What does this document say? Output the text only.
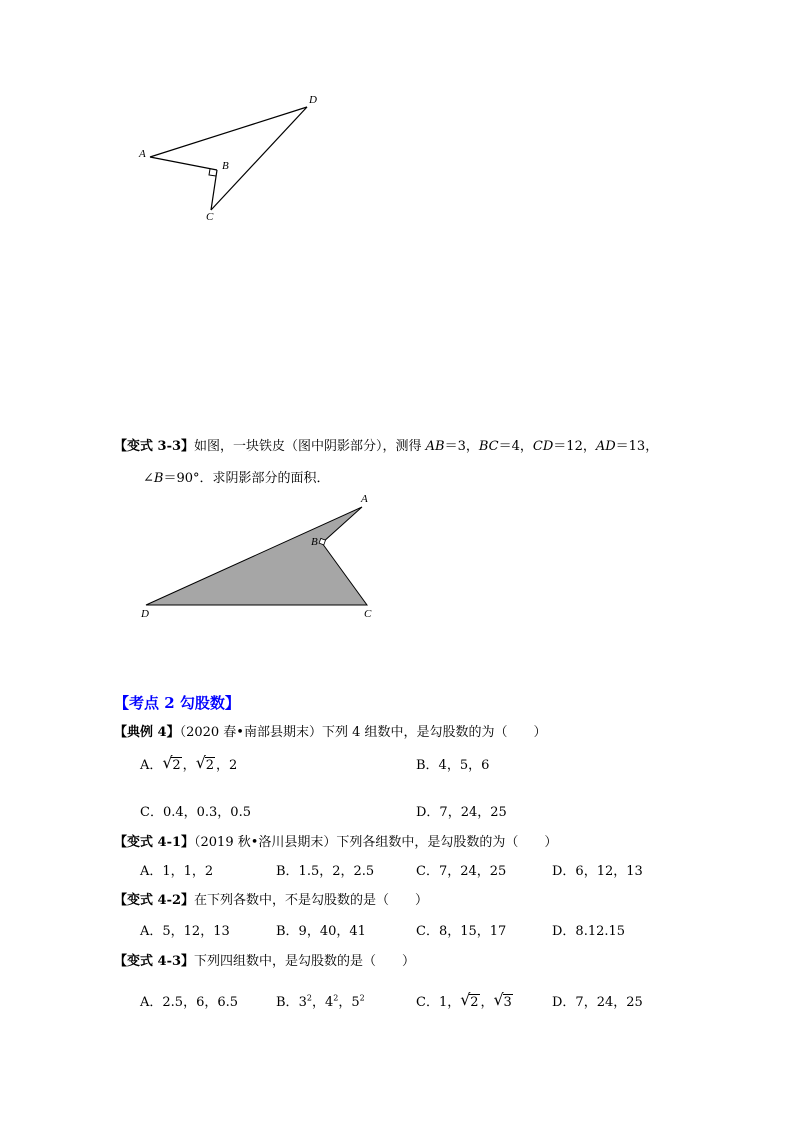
A
B
C
D
【变式 3-3】如图，一块铁皮（图中阴影部分），测得 AB＝3，BC＝4，CD＝12，AD＝13，
∠B＝90°．求阴影部分的面积．
A
B
C
D
【考点 2 勾股数】
【典例 4】（2020 春•南部县期末）下列 4 组数中，是勾股数的为（　　）
A． √ 2 ， √ 2 ，2	B．4，5，6
C．0.4，0.3，0.5	D．7，24，25
【变式 4-1】（2019 秋•洛川县期末）下列各组数中，是勾股数的为（　　）
A．1，1，2	B．1.5，2，2.5	C．7，24，25	D．6，12，13
【变式 4-2】在下列各数中，不是勾股数的是（　　）
A．5，12，13	B．9，40，41	C．8，15，17	D．8.12.15
【变式 4-3】下列四组数中，是勾股数的是（　　）
A．2.5，6，6.5	B．$3^2$，$4^2$，$5^2$	C．1， √ 2 ， √ 3	D．7，24，25
